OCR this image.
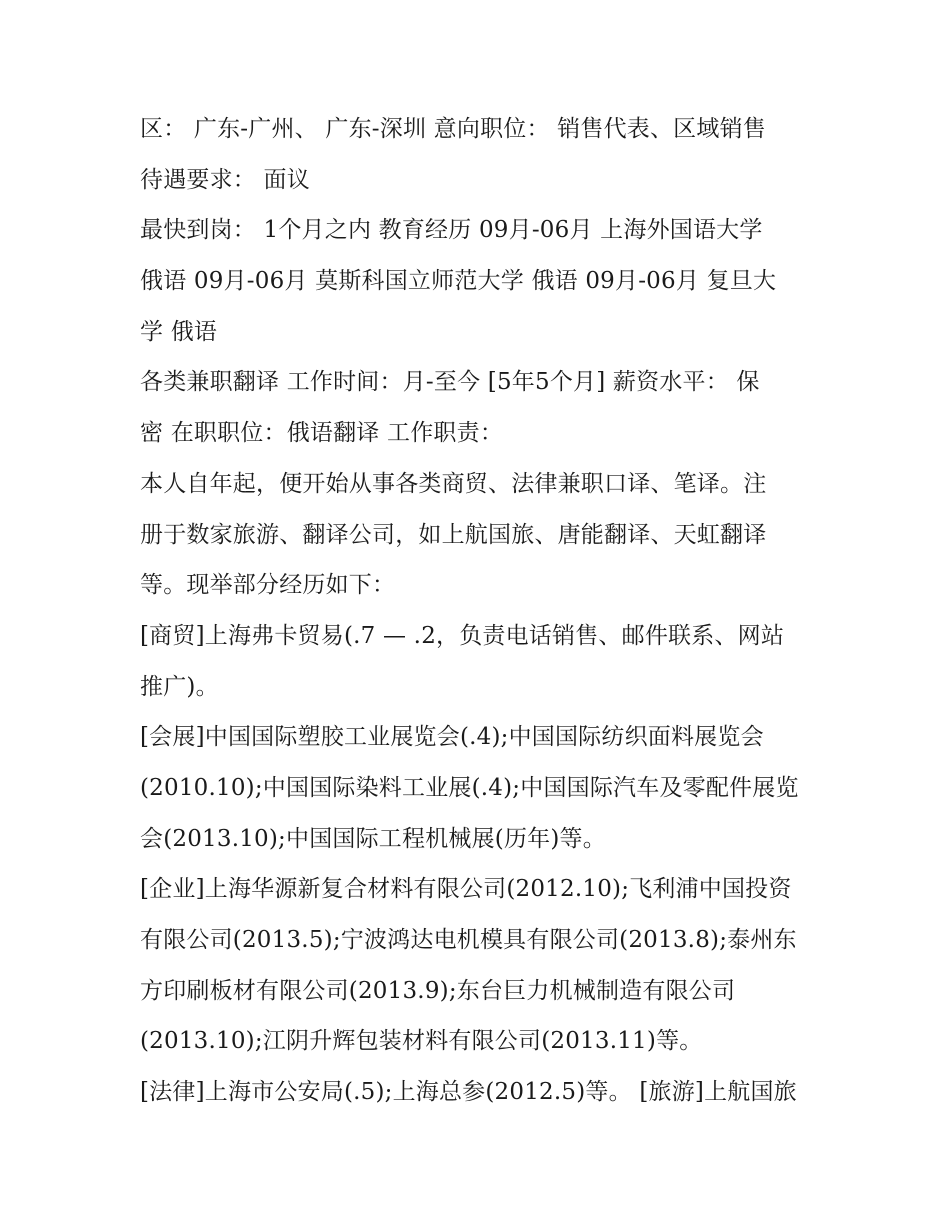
区： 广东-广州、 广东-深圳 意向职位： 销售代表、区域销售
待遇要求： 面议
最快到岗： 1个月之内 教育经历 09月-06月 上海外国语大学
俄语 09月-06月 莫斯科国立师范大学 俄语 09月-06月 复旦大
学 俄语
各类兼职翻译 工作时间：月-至今 [5年5个月] 薪资水平： 保
密 在职职位：俄语翻译 工作职责：
本人自年起，便开始从事各类商贸、法律兼职口译、笔译。注
册于数家旅游、翻译公司，如上航国旅、唐能翻译、天虹翻译
等。现举部分经历如下：
[商贸]上海弗卡贸易(.7 — .2，负责电话销售、邮件联系、网站
推广)。
[会展]中国国际塑胶工业展览会(.4);中国国际纺织面料展览会
(2010.10);中国国际染料工业展(.4);中国国际汽车及零配件展览
会(2013.10);中国国际工程机械展(历年)等。
[企业]上海华源新复合材料有限公司(2012.10);飞利浦中国投资
有限公司(2013.5);宁波鸿达电机模具有限公司(2013.8);泰州东
方印刷板材有限公司(2013.9);东台巨力机械制造有限公司
(2013.10);江阴升辉包装材料有限公司(2013.11)等。
[法律]上海市公安局(.5);上海总参(2012.5)等。 [旅游]上航国旅
